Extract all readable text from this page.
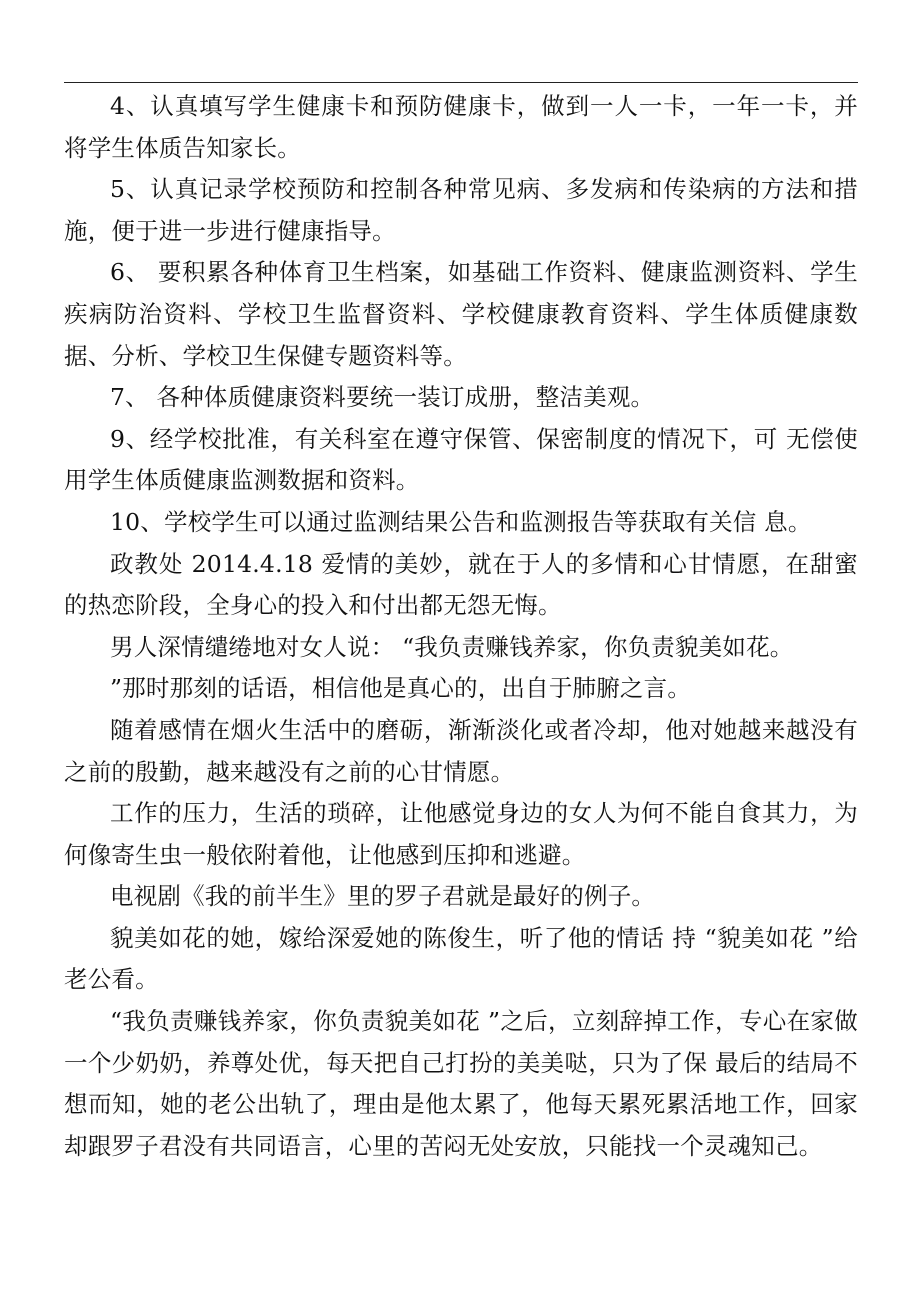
4、认真填写学生健康卡和预防健康卡，做到一人一卡，一年一卡，并将学生体质告知家长。

5、认真记录学校预防和控制各种常见病、多发病和传染病的方法和措施，便于进一步进行健康指导。

6、 要积累各种体育卫生档案，如基础工作资料、健康监测资料、学生疾病防治资料、学校卫生监督资料、学校健康教育资料、学生体质健康数据、分析、学校卫生保健专题资料等。

7、 各种体质健康资料要统一装订成册，整洁美观。

9、经学校批准，有关科室在遵守保管、保密制度的情况下，可 无偿使用学生体质健康监测数据和资料。

10、学校学生可以通过监测结果公告和监测报告等获取有关信 息。

政教处 2014.4.18 爱情的美妙，就在于人的多情和心甘情愿，在甜蜜的热恋阶段，全身心的投入和付出都无怨无悔。

男人深情缱绻地对女人说： “我负责赚钱养家，你负责貌美如花。

”那时那刻的话语，相信他是真心的，出自于肺腑之言。

随着感情在烟火生活中的磨砺，渐渐淡化或者冷却，他对她越来越没有之前的殷勤，越来越没有之前的心甘情愿。

工作的压力，生活的琐碎，让他感觉身边的女人为何不能自食其力，为何像寄生虫一般依附着他，让他感到压抑和逃避。

电视剧《我的前半生》里的罗子君就是最好的例子。

貌美如花的她，嫁给深爱她的陈俊生，听了他的情话 持 “貌美如花 ”给老公看。

“我负责赚钱养家，你负责貌美如花 ”之后，立刻辞掉工作，专心在家做一个少奶奶，养尊处优，每天把自己打扮的美美哒，只为了保 最后的结局不想而知，她的老公出轨了，理由是他太累了，他每天累死累活地工作，回家却跟罗子君没有共同语言，心里的苦闷无处安放，只能找一个灵魂知己。
